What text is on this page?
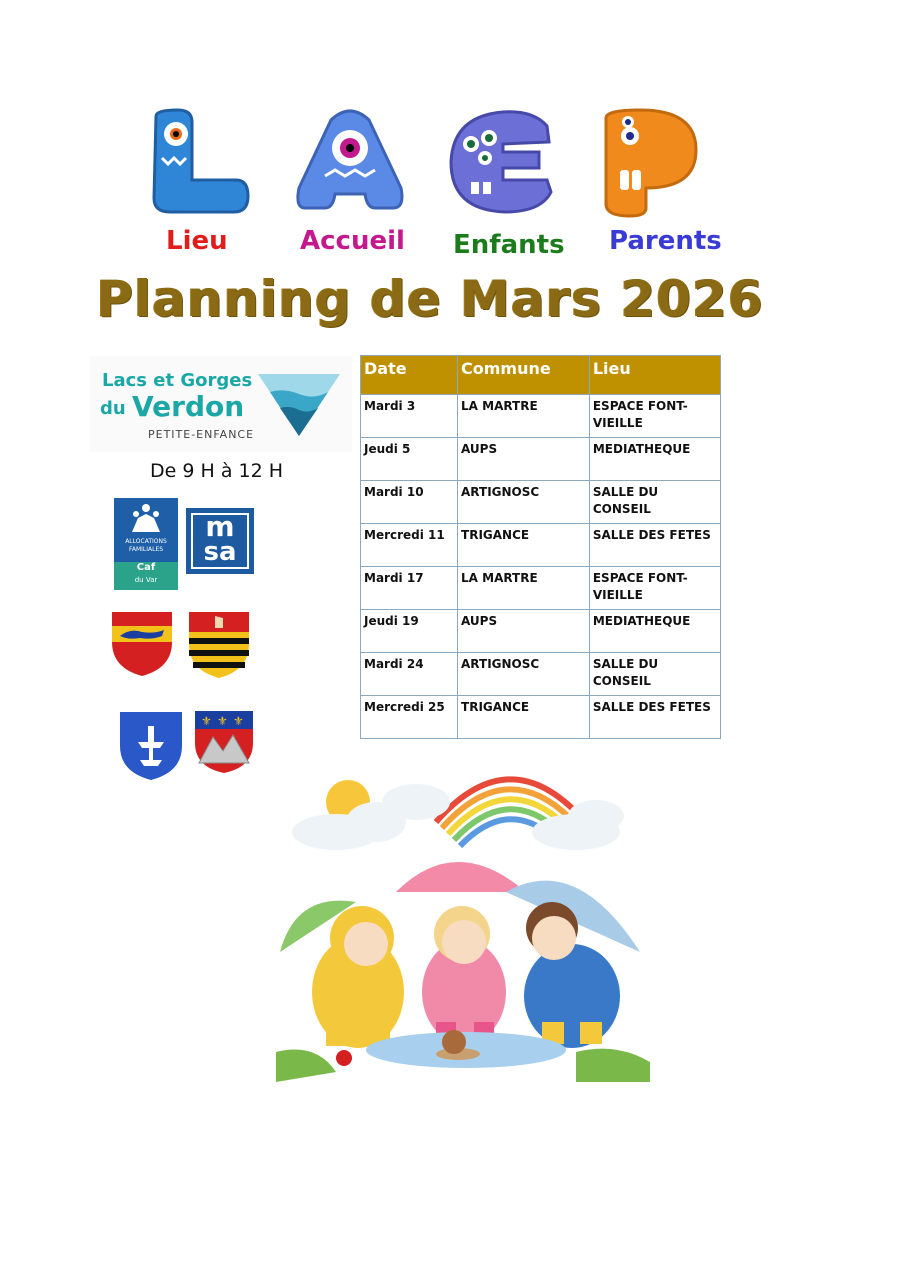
Lieu	Accueil Enfants Parents
Planning de Mars 2026
Lacs et Gorges
du Verdon
PETITE-ENFANCE
De 9 H à 12 H
ALLOCATIONS
FAMILIALES
Caf
du Var
m
sa
⚜ ⚜ ⚜
Date	Commune	Lieu
Mardi 3	LA MARTRE	ESPACE FONT-VIEILLE
Jeudi 5	AUPS	MEDIATHEQUE
Mardi 10	ARTIGNOSC	SALLE DU CONSEIL
Mercredi 11	TRIGANCE	SALLE DES FETES
Mardi 17	LA MARTRE	ESPACE FONT-VIEILLE
Jeudi 19	AUPS	MEDIATHEQUE
Mardi 24	ARTIGNOSC	SALLE DU CONSEIL
Mercredi 25	TRIGANCE	SALLE DES FETES
